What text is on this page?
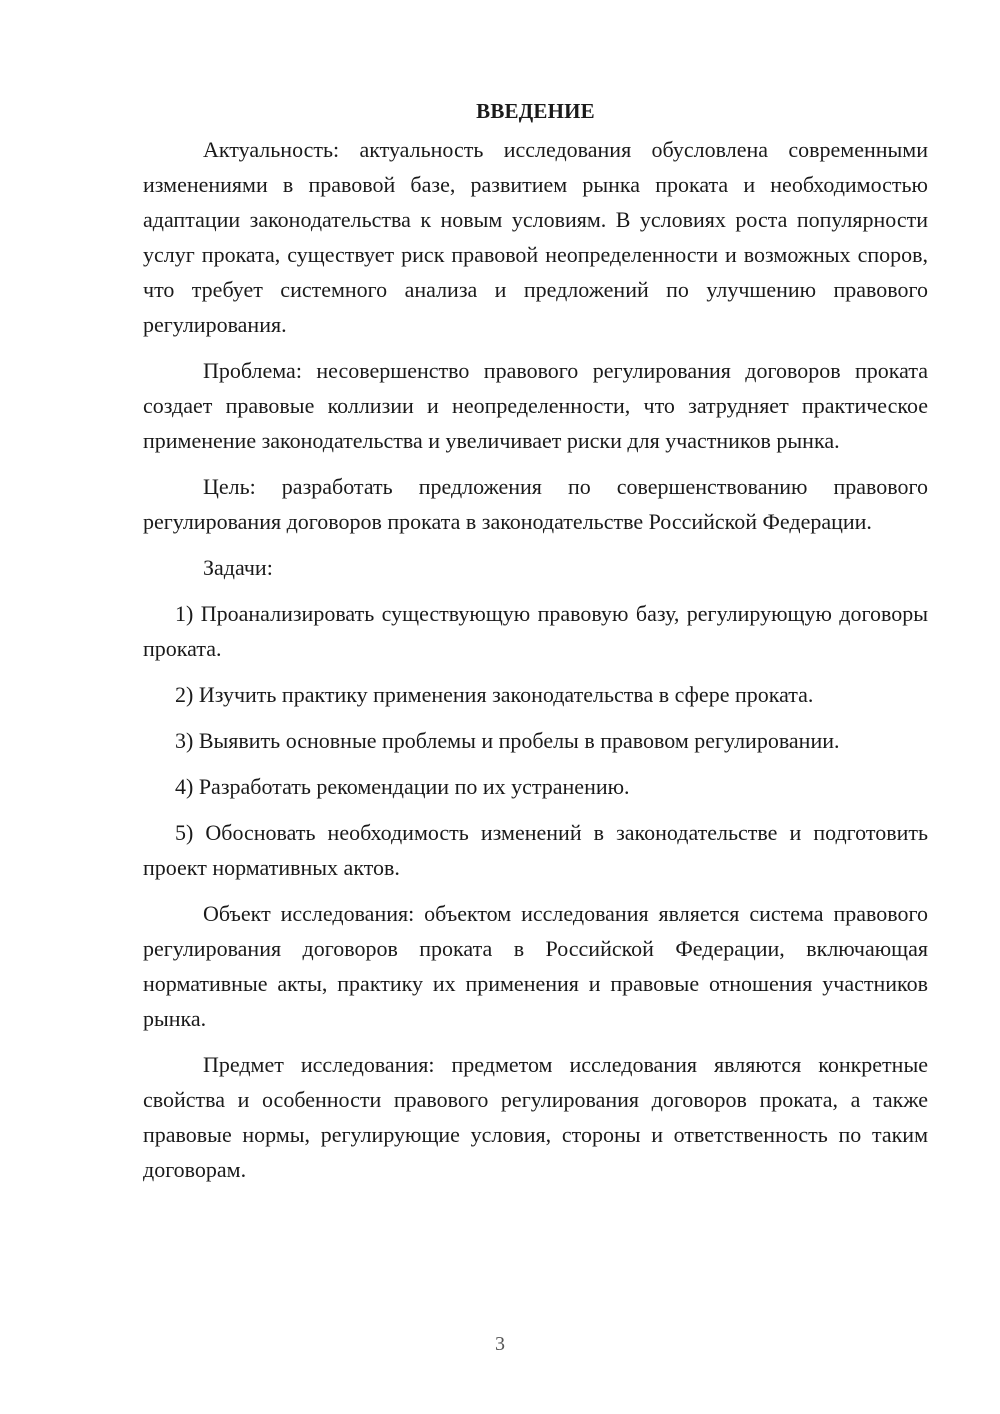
ВВЕДЕНИЕ

Актуальность: актуальность исследования обусловлена современными изменениями в правовой базе, развитием рынка проката и необходимостью адаптации законодательства к новым условиям. В условиях роста популярности услуг проката, существует риск правовой неопределенности и возможных споров, что требует системного анализа и предложений по улучшению правового регулирования.

Проблема: несовершенство правового регулирования договоров проката создает правовые коллизии и неопределенности, что затрудняет практическое применение законодательства и увеличивает риски для участников рынка.

Цель: разработать предложения по совершенствованию правового регулирования договоров проката в законодательстве Российской Федерации.

Задачи:

1) Проанализировать существующую правовую базу, регулирующую договоры проката.
2) Изучить практику применения законодательства в сфере проката.
3) Выявить основные проблемы и пробелы в правовом регулировании.
4) Разработать рекомендации по их устранению.
5) Обосновать необходимость изменений в законодательстве и подготовить проект нормативных актов.

Объект исследования: объектом исследования является система правового регулирования договоров проката в Российской Федерации, включающая нормативные акты, практику их применения и правовые отношения участников рынка.

Предмет исследования: предметом исследования являются конкретные свойства и особенности правового регулирования договоров проката, а также правовые нормы, регулирующие условия, стороны и ответственность по таким договорам.

3
